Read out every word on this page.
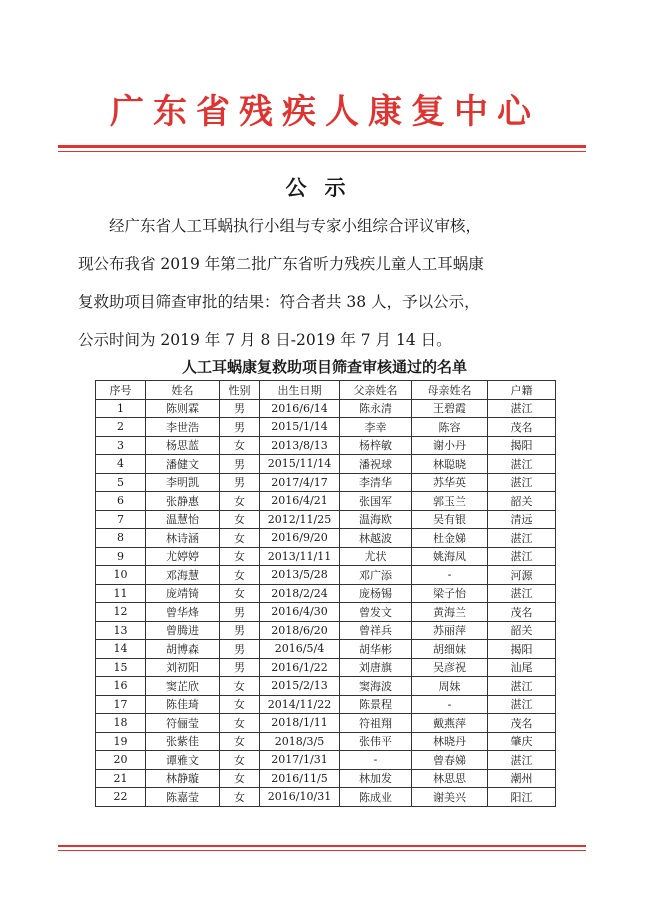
广东省残疾人康复中心
公示

经广东省人工耳蜗执行小组与专家小组综合评议审核，
现公布我省 2019 年第二批广东省听力残疾儿童人工耳蜗康
复救助项目筛查审批的结果：符合者共 38 人，予以公示，
公示时间为 2019 年 7 月 8 日-2019 年 7 月 14 日。

人工耳蜗康复救助项目筛查审核通过的名单
序号	姓名	性别	出生日期	父亲姓名	母亲姓名	户籍
1	陈则霖	男	2016/6/14	陈永清	王碧霞	湛江
2	李世浩	男	2015/1/14	李幸	陈容	茂名
3	杨思蓝	女	2013/8/13	杨梓敏	谢小丹	揭阳
4	潘健文	男	2015/11/14	潘祝球	林聪晓	湛江
5	李明凯	男	2017/4/17	李清华	苏华英	湛江
6	张静惠	女	2016/4/21	张国军	郭玉兰	韶关
7	温慧怡	女	2012/11/25	温海欧	吴有银	清远
8	林诗涵	女	2016/9/20	林越波	杜金娣	湛江
9	尤婷婷	女	2013/11/11	尤状	姚海凤	湛江
10	邓海慧	女	2013/5/28	邓广添	-	河源
11	庞靖锜	女	2018/2/24	庞杨锡	梁子怡	湛江
12	曾华烽	男	2016/4/30	曾发文	黄海兰	茂名
13	曾腾进	男	2018/6/20	曾祥兵	苏丽萍	韶关
14	胡博森	男	2016/5/4	胡华彬	胡细妹	揭阳
15	刘初阳	男	2016/1/22	刘唐旗	吴彦祝	汕尾
16	窦芷欣	女	2015/2/13	窦海波	周妹	湛江
17	陈佳琦	女	2014/11/22	陈景程	-	湛江
18	符俪莹	女	2018/1/11	符祖翔	戴燕萍	茂名
19	张紫佳	女	2018/3/5	张伟平	林晓丹	肇庆
20	谭雅文	女	2017/1/31	-	曾春娣	湛江
21	林静璇	女	2016/11/5	林加发	林思思	潮州
22	陈嘉莹	女	2016/10/31	陈成业	谢美兴	阳江
